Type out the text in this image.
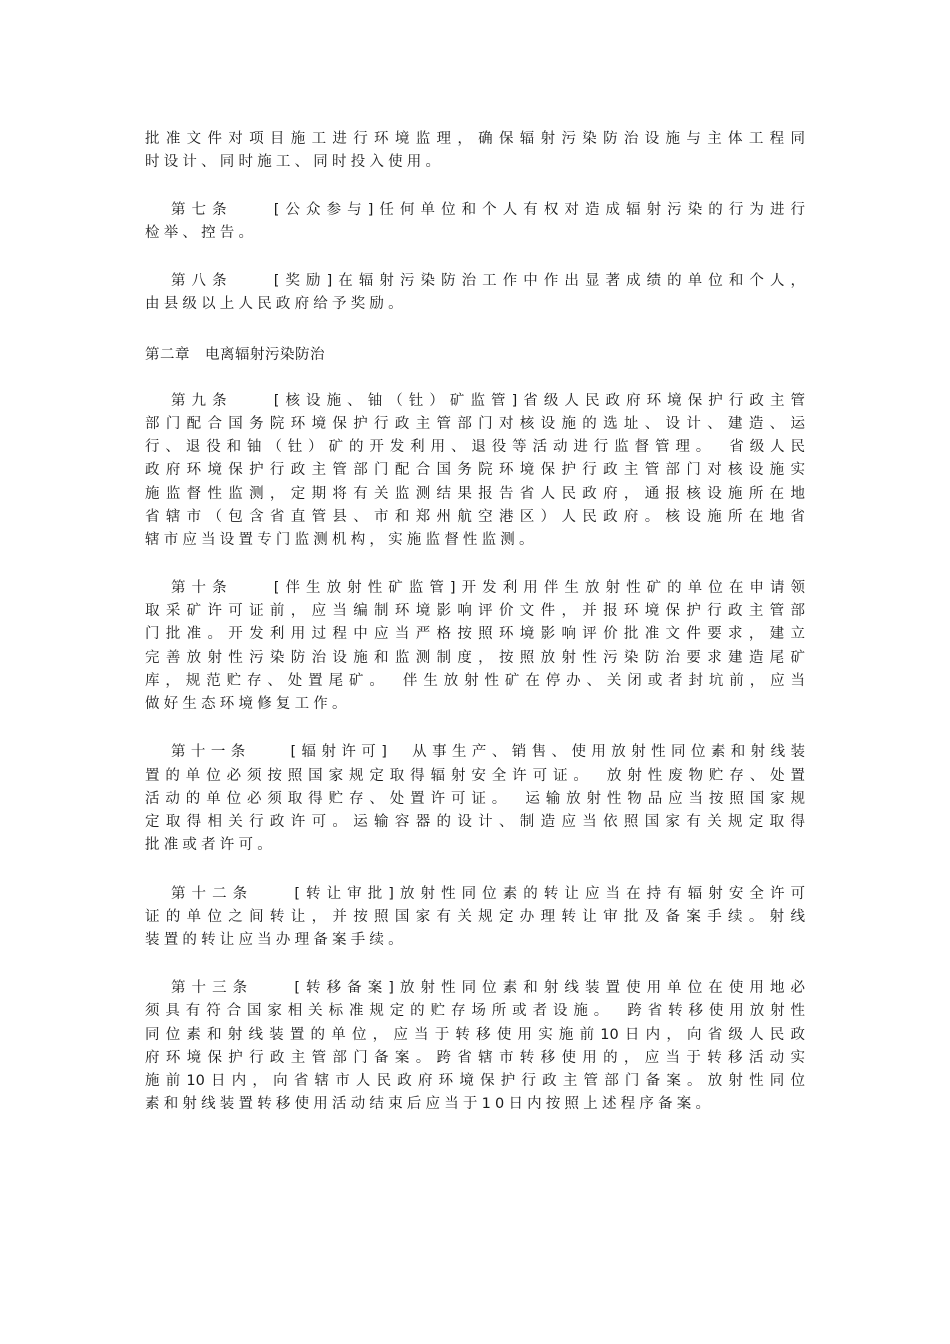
批准文件对项目施工进行环境监理，确保辐射污染防治设施与主体工程同
时设计、同时施工、同时投入使用。
第七条　　[公众参与]任何单位和个人有权对造成辐射污染的行为进行
检举、控告。
第八条　　[奖励]在辐射污染防治工作中作出显著成绩的单位和个人，
由县级以上人民政府给予奖励。
第九条　　[核设施、铀（钍）矿监管]省级人民政府环境保护行政主管
部门配合国务院环境保护行政主管部门对核设施的选址、设计、建造、运
行、退役和铀（钍）矿的开发利用、退役等活动进行监督管理。　省级人民
政府环境保护行政主管部门配合国务院环境保护行政主管部门对核设施实
施监督性监测，定期将有关监测结果报告省人民政府，通报核设施所在地
省辖市（包含省直管县、市和郑州航空港区）人民政府。核设施所在地省
辖市应当设置专门监测机构，实施监督性监测。
第十条　　[伴生放射性矿监管]开发利用伴生放射性矿的单位在申请领
取采矿许可证前，应当编制环境影响评价文件，并报环境保护行政主管部
门批准。开发利用过程中应当严格按照环境影响评价批准文件要求，建立
完善放射性污染防治设施和监测制度，按照放射性污染防治要求建造尾矿
库，规范贮存、处置尾矿。　伴生放射性矿在停办、关闭或者封坑前，应当
做好生态环境修复工作。
第十一条　　[辐射许可]　从事生产、销售、使用放射性同位素和射线装
置的单位必须按照国家规定取得辐射安全许可证。　放射性废物贮存、处置
活动的单位必须取得贮存、处置许可证。　运输放射性物品应当按照国家规
定取得相关行政许可。运输容器的设计、制造应当依照国家有关规定取得
批准或者许可。
第十二条　　[转让审批]放射性同位素的转让应当在持有辐射安全许可
证的单位之间转让，并按照国家有关规定办理转让审批及备案手续。射线
装置的转让应当办理备案手续。
第十三条　　[转移备案]放射性同位素和射线装置使用单位在使用地必
须具有符合国家相关标准规定的贮存场所或者设施。　跨省转移使用放射性
同位素和射线装置的单位，应当于转移使用实施前10日内，向省级人民政
府环境保护行政主管部门备案。跨省辖市转移使用的，应当于转移活动实
施前10日内，向省辖市人民政府环境保护行政主管部门备案。放射性同位
素和射线装置转移使用活动结束后应当于10日内按照上述程序备案。
第二章　电离辐射污染防治
